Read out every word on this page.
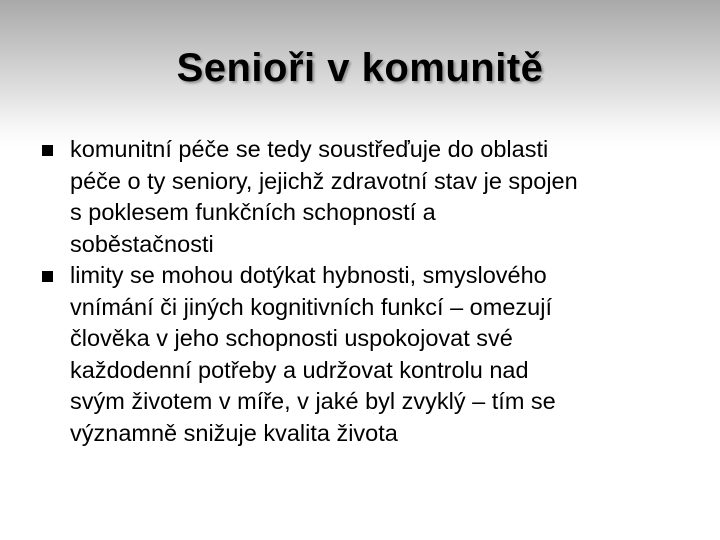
Senioři v komunitě
komunitní péče se tedy soustřeďuje do oblasti
péče o ty seniory, jejichž zdravotní stav je spojen
s poklesem funkčních schopností a
soběstačnosti
limity se mohou dotýkat hybnosti, smyslového
vnímání či jiných kognitivních funkcí – omezují
člověka v jeho schopnosti uspokojovat své
každodenní potřeby a udržovat kontrolu nad
svým životem v míře, v jaké byl zvyklý – tím se
významně snižuje kvalita života
